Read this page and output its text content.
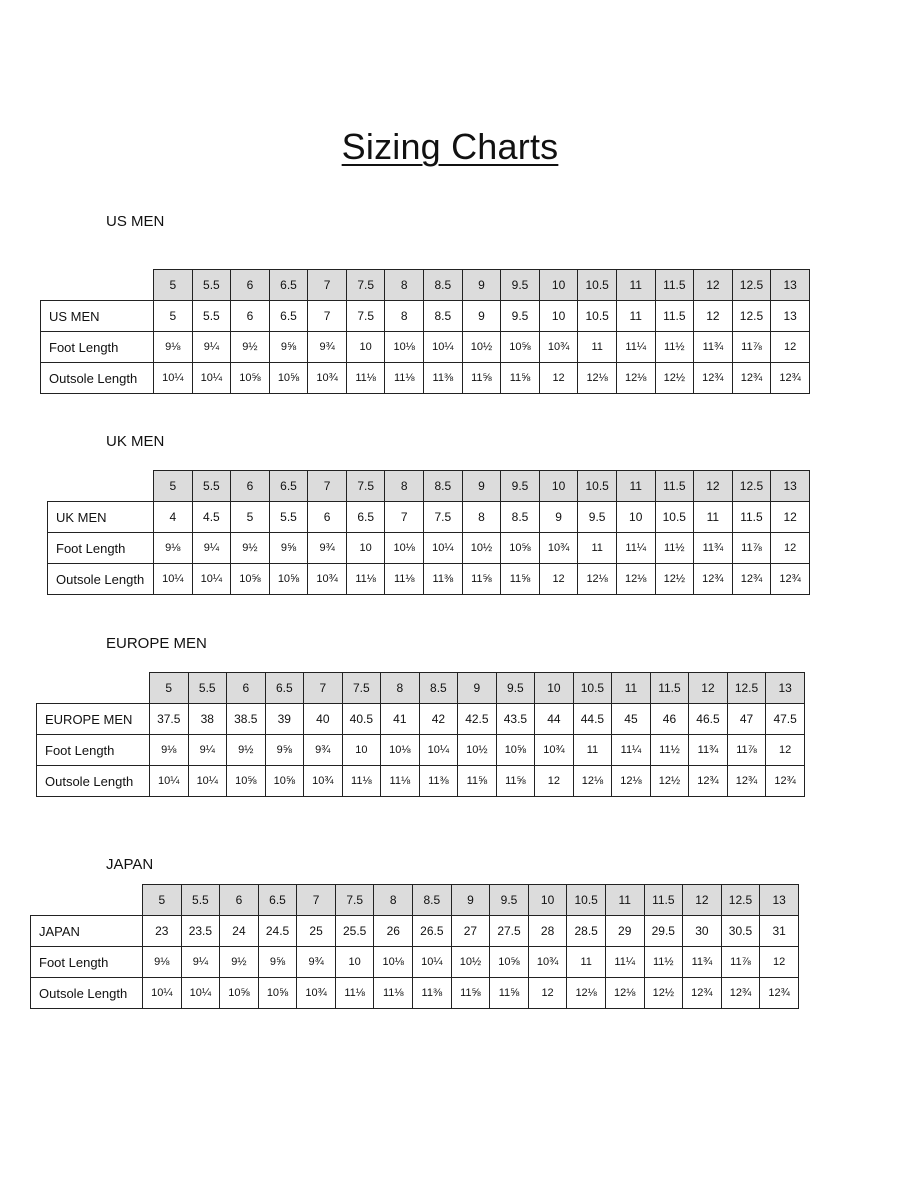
Sizing Charts
US MEN
	5	5.5	6	6.5	7	7.5	8	8.5	9	9.5	10	10.5	11	11.5	12	12.5	13
US MEN	5	5.5	6	6.5	7	7.5	8	8.5	9	9.5	10	10.5	11	11.5	12	12.5	13
Foot Length	9⅛	9¼	9½	9⅝	9¾	10	10⅛	10¼	10½	10⅝	10¾	11	11¼	11½	11¾	11⅞	12
Outsole Length	10¼	10¼	10⅝	10⅝	10¾	11⅛	11⅛	11⅜	11⅝	11⅝	12	12⅛	12⅛	12½	12¾	12¾	12¾
UK MEN
	5	5.5	6	6.5	7	7.5	8	8.5	9	9.5	10	10.5	11	11.5	12	12.5	13
UK MEN	4	4.5	5	5.5	6	6.5	7	7.5	8	8.5	9	9.5	10	10.5	11	11.5	12
Foot Length	9⅛	9¼	9½	9⅝	9¾	10	10⅛	10¼	10½	10⅝	10¾	11	11¼	11½	11¾	11⅞	12
Outsole Length	10¼	10¼	10⅝	10⅝	10¾	11⅛	11⅛	11⅜	11⅝	11⅝	12	12⅛	12⅛	12½	12¾	12¾	12¾
EUROPE MEN
	5	5.5	6	6.5	7	7.5	8	8.5	9	9.5	10	10.5	11	11.5	12	12.5	13
EUROPE MEN	37.5	38	38.5	39	40	40.5	41	42	42.5	43.5	44	44.5	45	46	46.5	47	47.5
Foot Length	9⅛	9¼	9½	9⅝	9¾	10	10⅛	10¼	10½	10⅝	10¾	11	11¼	11½	11¾	11⅞	12
Outsole Length	10¼	10¼	10⅝	10⅝	10¾	11⅛	11⅛	11⅜	11⅝	11⅝	12	12⅛	12⅛	12½	12¾	12¾	12¾
JAPAN
	5	5.5	6	6.5	7	7.5	8	8.5	9	9.5	10	10.5	11	11.5	12	12.5	13
JAPAN	23	23.5	24	24.5	25	25.5	26	26.5	27	27.5	28	28.5	29	29.5	30	30.5	31
Foot Length	9⅛	9¼	9½	9⅝	9¾	10	10⅛	10¼	10½	10⅝	10¾	11	11¼	11½	11¾	11⅞	12
Outsole Length	10¼	10¼	10⅝	10⅝	10¾	11⅛	11⅛	11⅜	11⅝	11⅝	12	12⅛	12⅛	12½	12¾	12¾	12¾
